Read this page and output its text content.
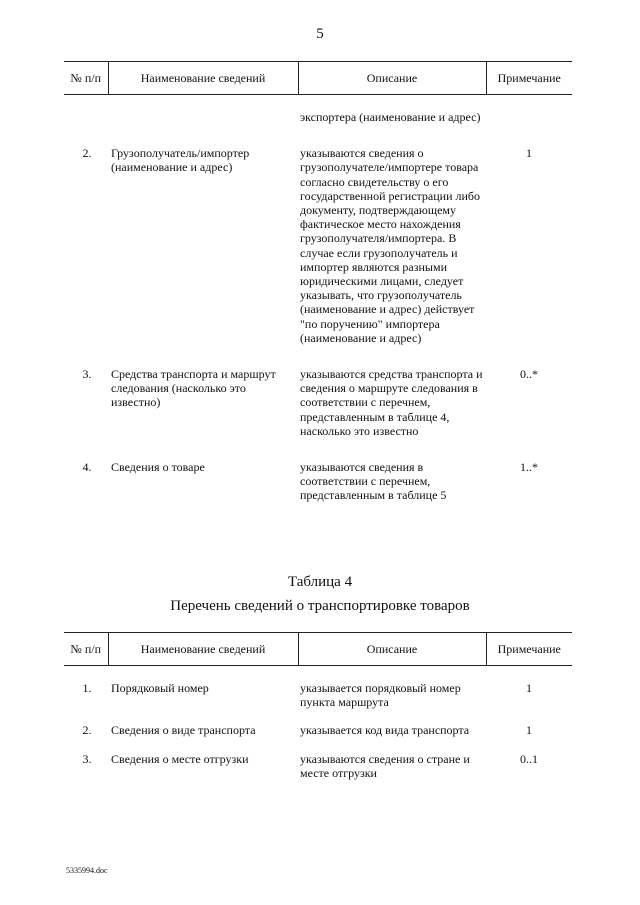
5
№ п/п	Наименование сведений	Описание	Примечание
		экспортера (наименование и адрес)	
2.	Грузополучатель/импортер (наименование и адрес)	указываются сведения о грузополучателе/импортере товара согласно свидетельству о его государственной регистрации либо документу, подтверждающему фактическое место нахождения грузополучателя/импортера. В случае если грузополучатель и импортер являются разными юридическими лицами, следует указывать, что грузополучатель (наименование и адрес) действует "по поручению" импортера (наименование и адрес)	1
3.	Средства транспорта и маршрут следования (насколько это известно)	указываются средства транспорта и сведения о маршруте следования в соответствии с перечнем, представленным в таблице 4, насколько это известно	0..*
4.	Сведения о товаре	указываются сведения в соответствии с перечнем, представленным в таблице 5	1..*
Таблица 4
Перечень сведений о транспортировке товаров
№ п/п	Наименование сведений	Описание	Примечание
1.	Порядковый номер	указывается порядковый номер пункта маршрута	1
2.	Сведения о виде транспорта	указывается код вида транспорта	1
3.	Сведения о месте отгрузки	указываются сведения о стране и месте отгрузки	0..1
5335994.doc
